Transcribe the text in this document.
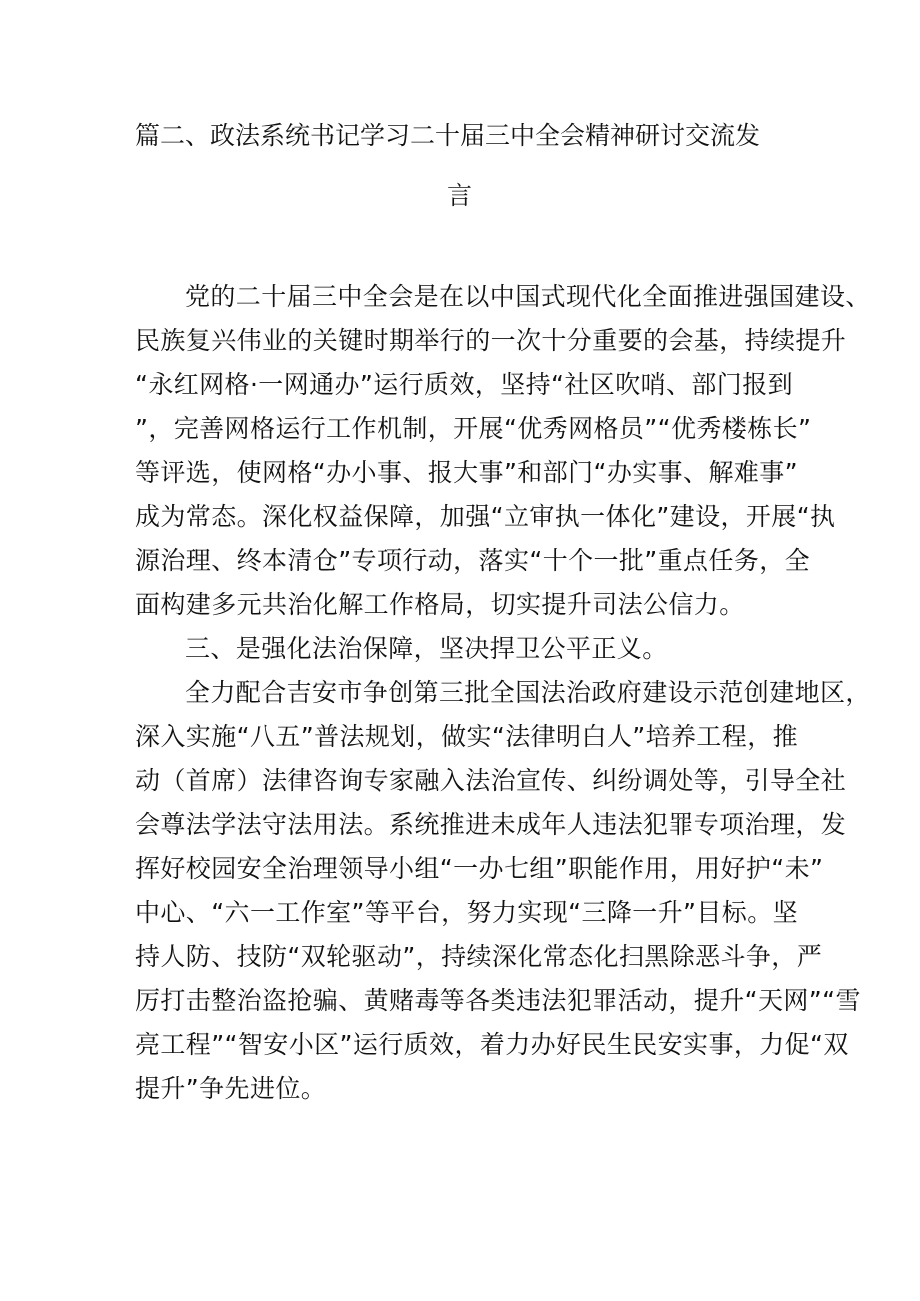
篇二、政法系统书记学习二十届三中全会精神研讨交流发
言
党的二十届三中全会是在以中国式现代化全面推进强国建设、
民族复兴伟业的关键时期举行的一次十分重要的会基，持续提升
“永红网格·一网通办”运行质效，坚持“社区吹哨、部门报到
”，完善网格运行工作机制，开展“优秀网格员”“优秀楼栋长”
等评选，使网格“办小事、报大事”和部门“办实事、解难事”
成为常态。深化权益保障，加强“立审执一体化”建设，开展“执
源治理、终本清仓”专项行动，落实“十个一批”重点任务，全
面构建多元共治化解工作格局，切实提升司法公信力。
三、是强化法治保障，坚决捍卫公平正义。
全力配合吉安市争创第三批全国法治政府建设示范创建地区，
深入实施“八五”普法规划，做实“法律明白人”培养工程，推
动（首席）法律咨询专家融入法治宣传、纠纷调处等，引导全社
会尊法学法守法用法。系统推进未成年人违法犯罪专项治理，发
挥好校园安全治理领导小组“一办七组”职能作用，用好护“未”
中心、“六一工作室”等平台，努力实现“三降一升”目标。坚
持人防、技防“双轮驱动”，持续深化常态化扫黑除恶斗争，严
厉打击整治盗抢骗、黄赌毒等各类违法犯罪活动，提升“天网”“雪
亮工程”“智安小区”运行质效，着力办好民生民安实事，力促“双
提升”争先进位。
